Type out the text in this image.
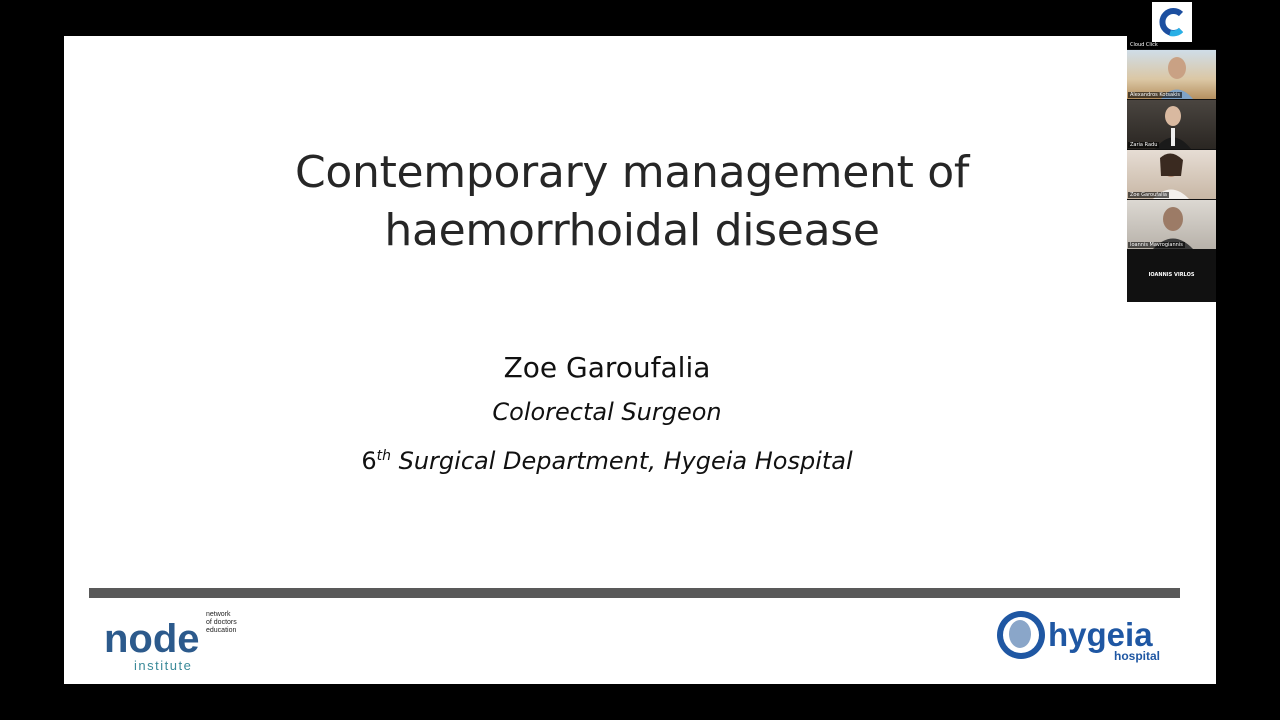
Contemporary management of
haemorrhoidal disease
Zoe Garoufalia
Colorectal Surgeon
6th Surgical Department, Hygeia Hospital
node
institute
network
of doctors
education	hygeia
hospital
Cloud Click
Alexandros Kotsakis
Zaria Radu
Zoe Garoufalia
Ioannis Mavrogiannis
IOANNIS VIRLOS
